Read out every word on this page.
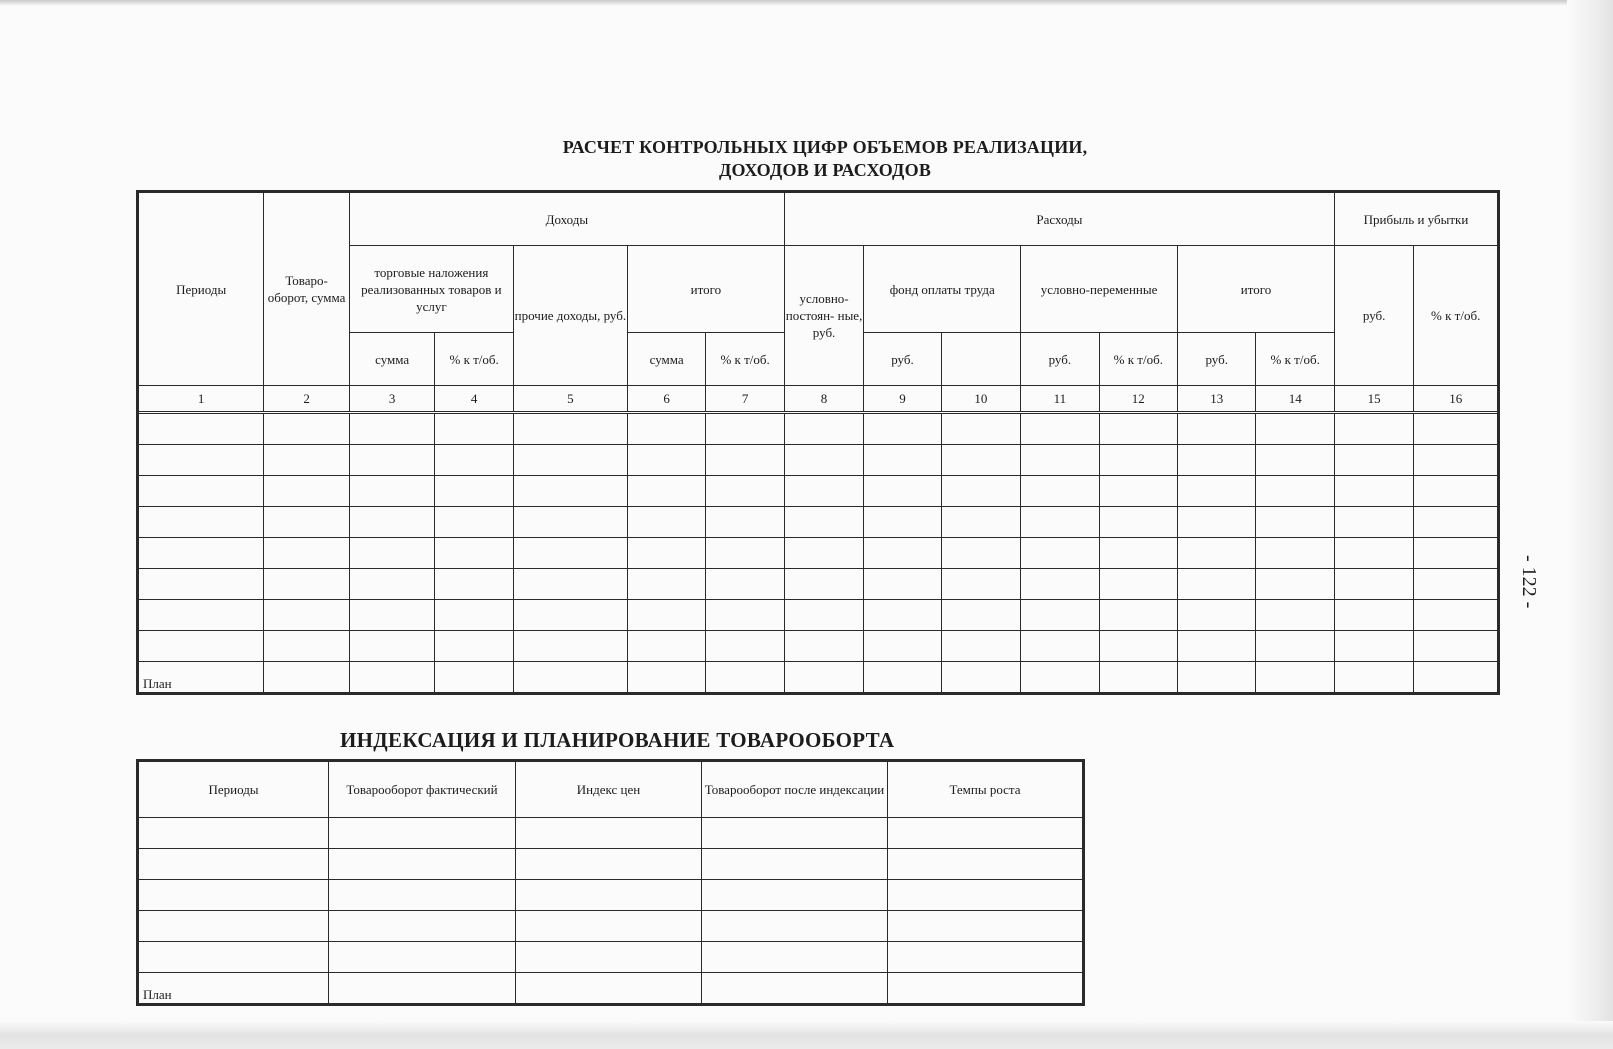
РАСЧЕТ КОНТРОЛЬНЫХ ЦИФР ОБЪЕМОВ РЕАЛИЗАЦИИ,
ДОХОДОВ И РАСХОДОВ
Периоды	Товаро- оборот, сумма	Доходы					Расходы							Прибыль и убытки	
		торговые наложения реализованных товаров и услуг		прочие доходы, руб.	итого		условно- постоян- ные, руб.	фонд оплаты труда		условно-переменные		итого		руб.	% к т/об.
		сумма	% к т/об.		сумма	% к т/об.		руб.		руб.	% к т/об.	руб.	% к т/об.		
1	2	3	4	5	6	7	8	9	10	11	12	13	14	15	16

План															
ИНДЕКСАЦИЯ И ПЛАНИРОВАНИЕ ТОВАРООБОРТА
Периоды	Товарооборот фактический	Индекс цен	Товарооборот после индексации	Темпы роста

План				
- 122 -
